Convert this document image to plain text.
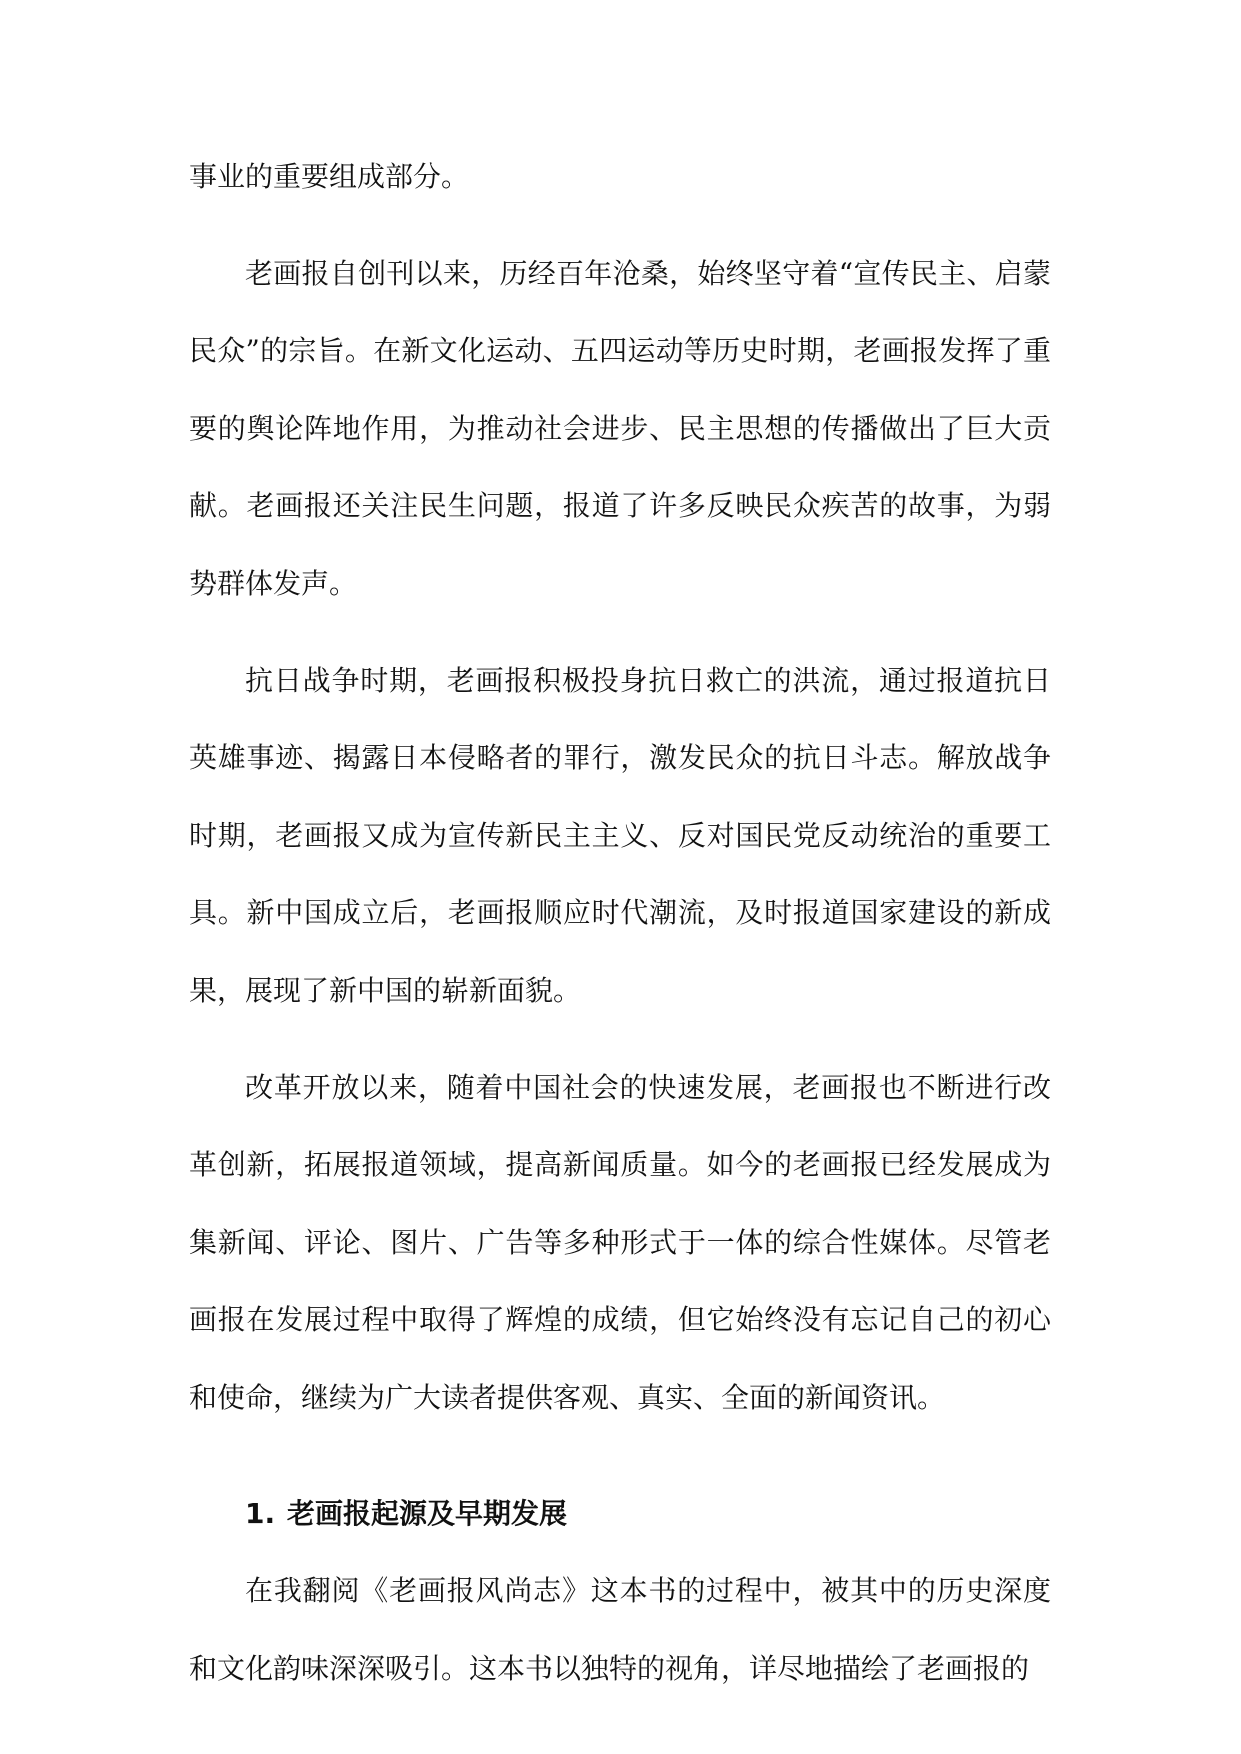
事业的重要组成部分。

老画报自创刊以来，历经百年沧桑，始终坚守着“宣传民主、启蒙民众”的宗旨。在新文化运动、五四运动等历史时期，老画报发挥了重要的舆论阵地作用，为推动社会进步、民主思想的传播做出了巨大贡献。老画报还关注民生问题，报道了许多反映民众疾苦的故事，为弱势群体发声。

抗日战争时期，老画报积极投身抗日救亡的洪流，通过报道抗日英雄事迹、揭露日本侵略者的罪行，激发民众的抗日斗志。解放战争时期，老画报又成为宣传新民主主义、反对国民党反动统治的重要工具。新中国成立后，老画报顺应时代潮流，及时报道国家建设的新成果，展现了新中国的崭新面貌。

改革开放以来，随着中国社会的快速发展，老画报也不断进行改革创新，拓展报道领域，提高新闻质量。如今的老画报已经发展成为集新闻、评论、图片、广告等多种形式于一体的综合性媒体。尽管老画报在发展过程中取得了辉煌的成绩，但它始终没有忘记自己的初心和使命，继续为广大读者提供客观、真实、全面的新闻资讯。

1. 老画报起源及早期发展

在我翻阅《老画报风尚志》这本书的过程中，被其中的历史深度和文化韵味深深吸引。这本书以独特的视角，详尽地描绘了老画报的
